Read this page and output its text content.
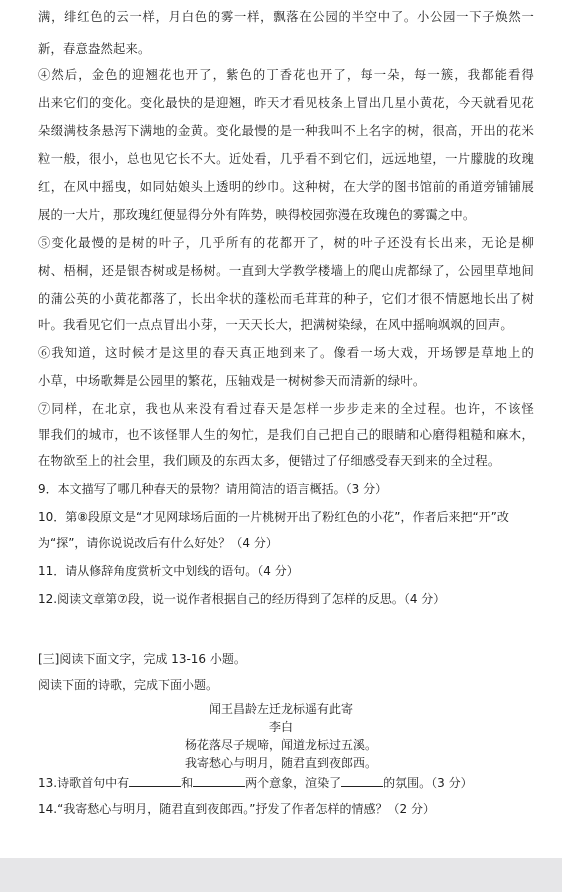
满，绯红色的云一样，月白色的雾一样，飘落在公园的半空中了。小公园一下子焕然一
新，春意盎然起来。
④然后，金色的迎翘花也开了，紫色的丁香花也开了，每一朵，每一簇，我都能看得
出来它们的变化。变化最快的是迎翘，昨天才看见枝条上冒出几星小黄花，今天就看见花
朵缀满枝条悬泻下满地的金黄。变化最慢的是一种我叫不上名字的树，很高，开出的花米
粒一般，很小，总也见它长不大。近处看，几乎看不到它们，远远地望，一片朦胧的玫瑰
红，在风中摇曳，如同姑娘头上透明的纱巾。这种树，在大学的图书馆前的甬道旁铺铺展
展的一大片，那玫瑰红便显得分外有阵势，映得校园弥漫在玫瑰色的雾霭之中。
⑤变化最慢的是树的叶子，几乎所有的花都开了，树的叶子还没有长出来，无论是柳
树、梧桐，还是银杏树或是杨树。一直到大学教学楼墙上的爬山虎都绿了，公园里草地间
的蒲公英的小黄花都落了，长出伞状的蓬松而毛茸茸的种子，它们才很不情愿地长出了树
叶。我看见它们一点点冒出小芽，一天天长大，把满树染绿，在风中摇响飒飒的回声。
⑥我知道，这时候才是这里的春天真正地到来了。像看一场大戏，开场锣是草地上的
小草，中场歌舞是公园里的繁花，压轴戏是一树树参天而清新的绿叶。
⑦同样，在北京，我也从来没有看过春天是怎样一步步走来的全过程。也许，不该怪
罪我们的城市，也不该怪罪人生的匆忙，是我们自己把自己的眼睛和心磨得粗糙和麻木，
在物欲至上的社会里，我们顾及的东西太多，便错过了仔细感受春天到来的全过程。
9．本文描写了哪几种春天的景物？请用简洁的语言概括。（3 分）
10．第⑧段原文是“才见网球场后面的一片桃树开出了粉红色的小花”，作者后来把“开”改
为“探”，请你说说改后有什么好处？（4 分）
11．请从修辞角度赏析文中划线的语句。（4 分）
12.阅读文章第⑦段，说一说作者根据自己的经历得到了怎样的反思。（4 分）
[三]阅读下面文字，完成 13-16 小题。
阅读下面的诗歌，完成下面小题。
闻王昌龄左迁龙标遥有此寄
李白
杨花落尽子规啼，闻道龙标过五溪。
我寄愁心与明月，随君直到夜郎西。
13.诗歌首句中有	和	两个意象，渲染了	的氛围。（3 分）
14.“我寄愁心与明月，随君直到夜郎西。”抒发了作者怎样的情感？（2 分）
